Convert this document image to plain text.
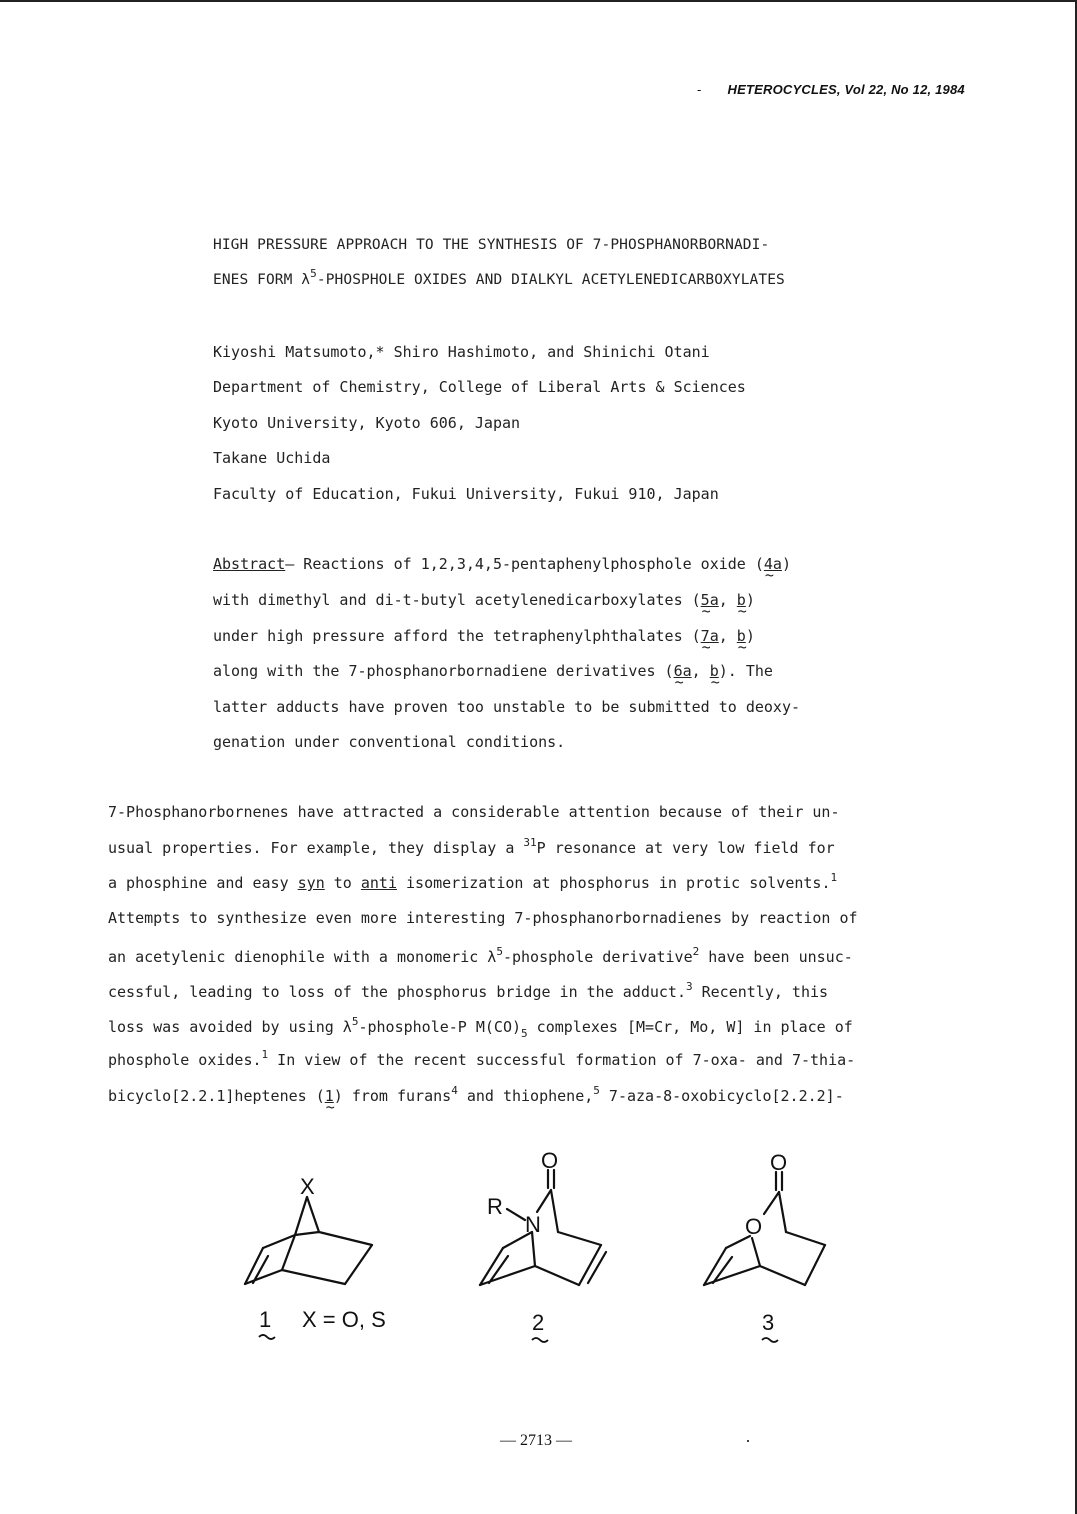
- HETEROCYCLES, Vol 22, No 12, 1984
HIGH PRESSURE APPROACH TO THE SYNTHESIS OF 7-PHOSPHANORBORNADI-
ENES FORM $\lambda^5$-PHOSPHOLE OXIDES AND DIALKYL ACETYLENEDICARBOXYLATES
Kiyoshi Matsumoto,* Shiro Hashimoto, and Shinichi Otani
Department of Chemistry, College of Liberal Arts & Sciences
Kyoto University, Kyoto 606, Japan
Takane Uchida
Faculty of Education, Fukui University, Fukui 910, Japan
Abstract— Reactions of 1,2,3,4,5-pentaphenylphosphole oxide (4a ~)
with dimethyl and di-t-butyl acetylenedicarboxylates (5a ~, b ~)
under high pressure afford the tetraphenylphthalates (7a ~, b ~)
along with the 7-phosphanorbornadiene derivatives (6a ~, b ~). The
latter adducts have proven too unstable to be submitted to deoxy-
genation under conventional conditions.
7-Phosphanorbornenes have attracted a considerable attention because of their un-
usual properties. For example, they display a $^{31}$P resonance at very low field for
a phosphine and easy syn to anti isomerization at phosphorus in protic solvents.$^1$
Attempts to synthesize even more interesting 7-phosphanorbornadienes by reaction of
an acetylenic dienophile with a monomeric $\lambda^5$-phosphole derivative$^2$ have been unsuc-
cessful, leading to loss of the phosphorus bridge in the adduct.$^3$ Recently, this
loss was avoided by using $\lambda^5-phosphole-P$ $M(CO)_5$ complexes [M=Cr, Mo, W] in place of
phosphole oxides.$^1$ In view of the recent successful formation of 7-oxa- and 7-thia-
bicyclo[2.2.1]heptenes (1 ~) from furans$^4$ and thiophene,$^5$ 7-aza-8-oxobicyclo[2.2.2]-
X
O
R
N
O
O
1 X = O, S	2	3
— 2713 —
